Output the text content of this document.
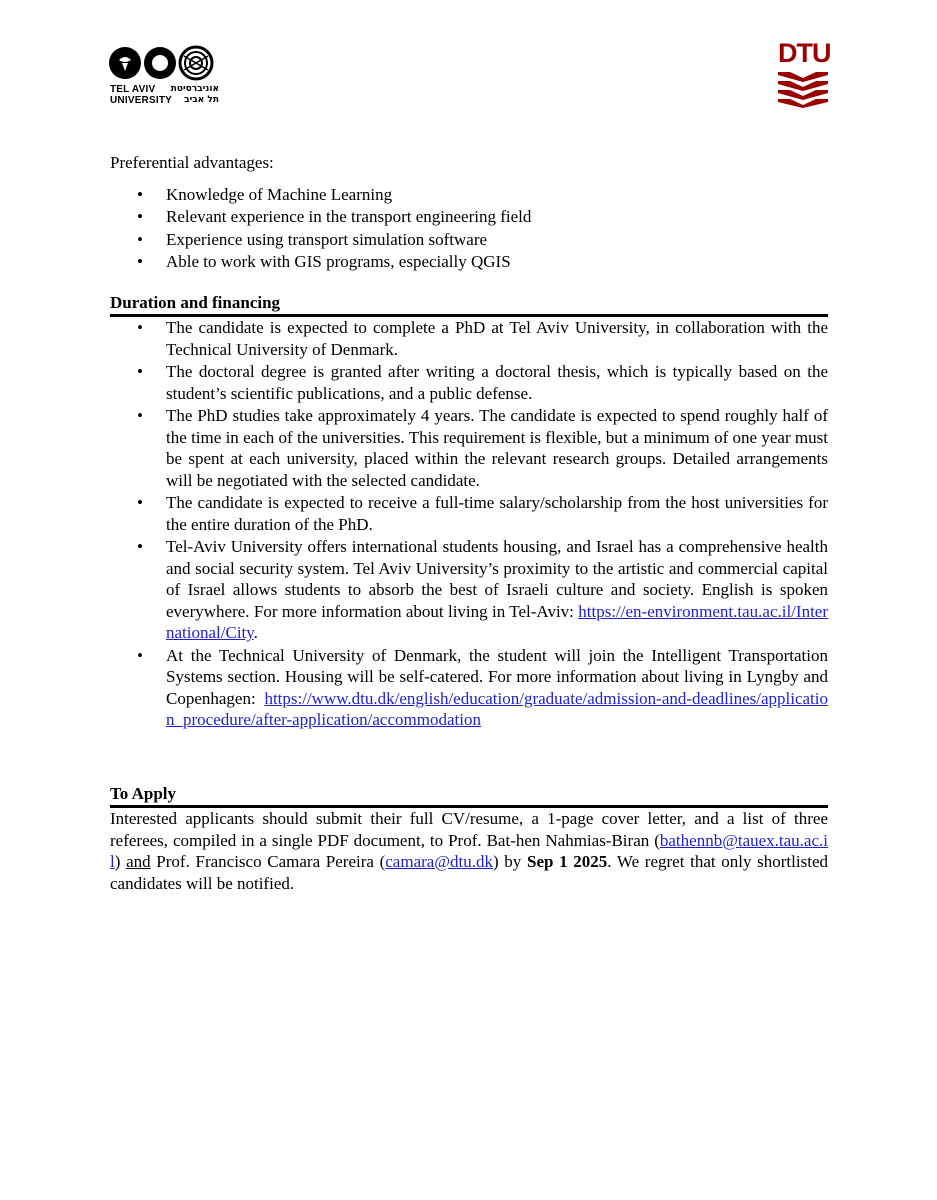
TEL AVIV
UNIVERSITY
אוניברסיטת
תל אביב
DTU

Preferential advantages:

• Knowledge of Machine Learning
• Relevant experience in the transport engineering field
• Experience using transport simulation software
• Able to work with GIS programs, especially QGIS
Duration and financing
• The candidate is expected to complete a PhD at Tel Aviv University, in collaboration with the Technical University of Denmark.
• The doctoral degree is granted after writing a doctoral thesis, which is typically based on the student’s scientific publications, and a public defense.
• The PhD studies take approximately 4 years. The candidate is expected to spend roughly half of the time in each of the universities. This requirement is flexible, but a minimum of one year must be spent at each university, placed within the relevant research groups. Detailed arrangements will be negotiated with the selected candidate.
• The candidate is expected to receive a full-time salary/scholarship from the host universities for the entire duration of the PhD.
• Tel-Aviv University offers international students housing, and Israel has a comprehensive health and social security system. Tel Aviv University’s proximity to the artistic and commercial capital of Israel allows students to absorb the best of Israeli culture and society. English is spoken everywhere. For more information about living in Tel-Aviv: https://en-environment.tau.ac.il/International/City.
• At the Technical University of Denmark, the student will join the Intelligent Transportation Systems section. Housing will be self-catered. For more information about living in Lyngby and Copenhagen: https://www.dtu.dk/english/education/graduate/admission-and-deadlines/application_procedure/after-application/accommodation
To Apply

Interested applicants should submit their full CV/resume, a 1-page cover letter, and a list of three referees, compiled in a single PDF document, to Prof. Bat-hen Nahmias-Biran (bathennb@tauex.tau.ac.il) and Prof. Francisco Camara Pereira (camara@dtu.dk) by Sep 1 2025. We regret that only shortlisted candidates will be notified.
